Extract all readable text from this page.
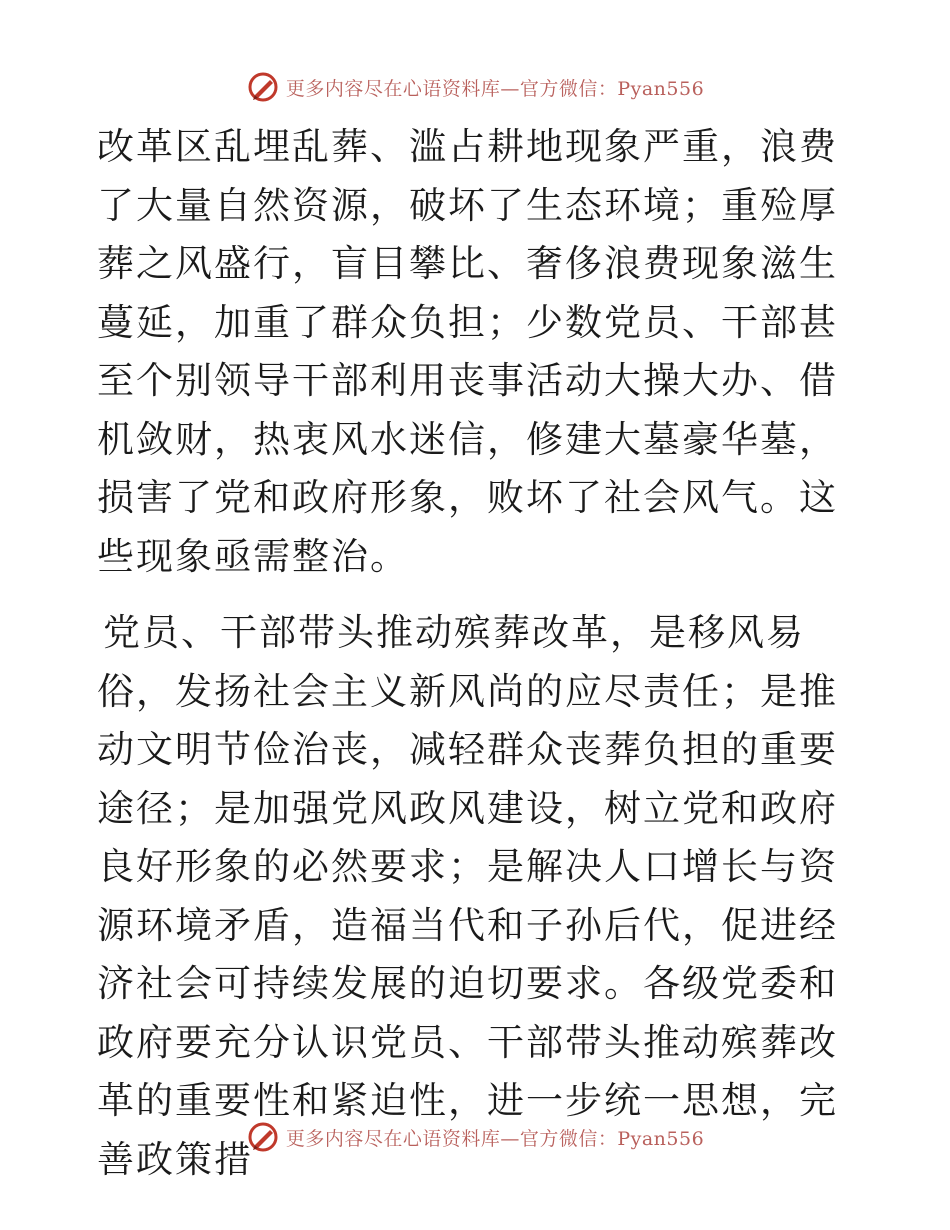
更多内容尽在心语资料库—官方微信：Pyan556

改革区乱埋乱葬、滥占耕地现象严重，浪费了大量自然资源，破坏了生态环境；重殓厚葬之风盛行，盲目攀比、奢侈浪费现象滋生蔓延，加重了群众负担；少数党员、干部甚至个别领导干部利用丧事活动大操大办、借机敛财，热衷风水迷信，修建大墓豪华墓，损害了党和政府形象，败坏了社会风气。这些现象亟需整治。

党员、干部带头推动殡葬改革，是移风易俗，发扬社会主义新风尚的应尽责任；是推动文明节俭治丧，减轻群众丧葬负担的重要途径；是加强党风政风建设，树立党和政府良好形象的必然要求；是解决人口增长与资源环境矛盾，造福当代和子孙后代，促进经济社会可持续发展的迫切要求。各级党委和政府要充分认识党员、干部带头推动殡葬改革的重要性和紧迫性，进一步统一思想，完善政策措	更多内容尽在心语资料库—官方微信：Pyan556
